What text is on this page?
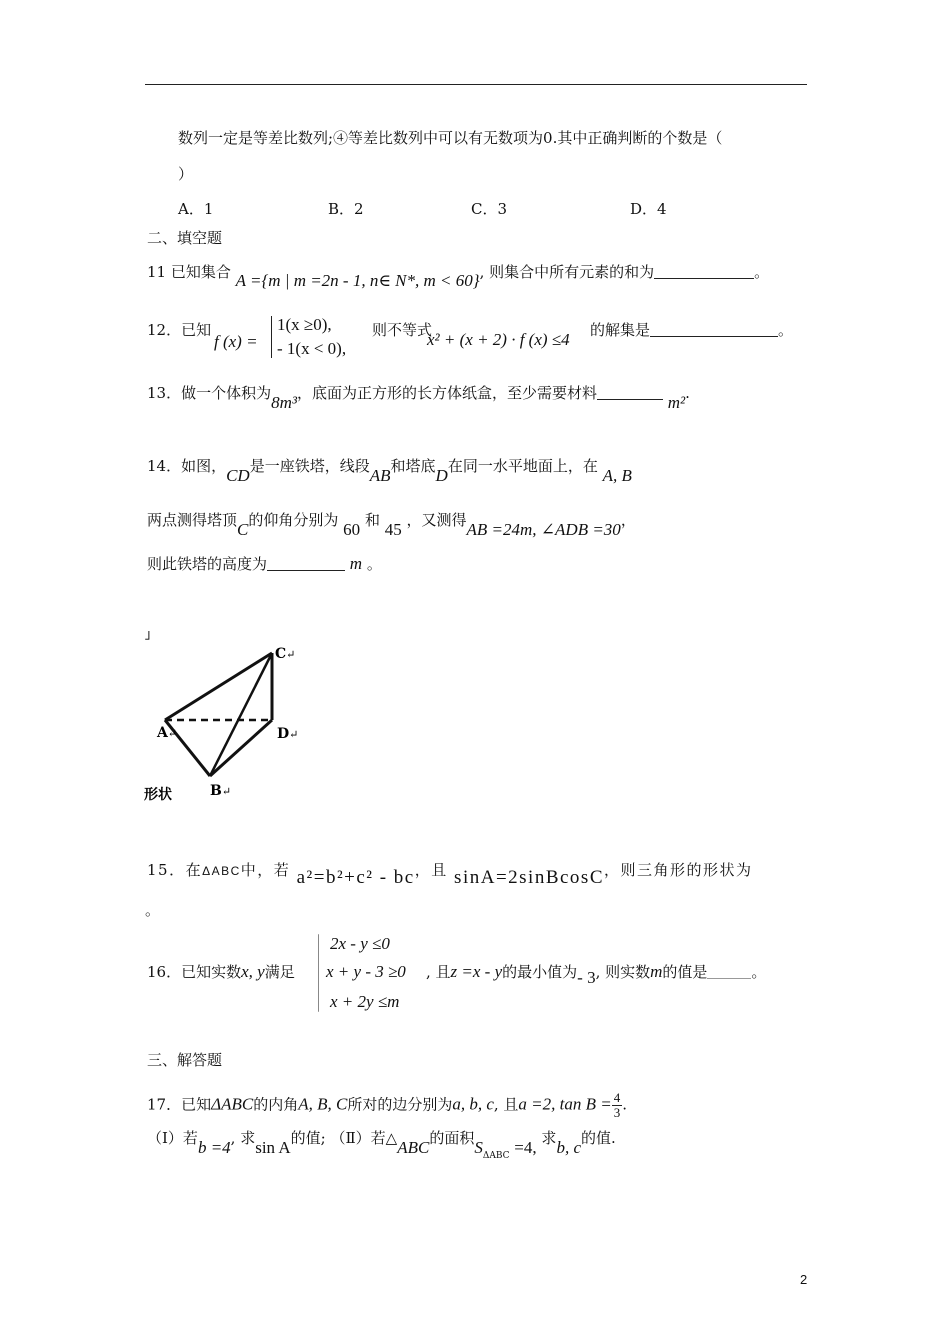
数列一定是等差比数列;④等差比数列中可以有无数项为0.其中正确判断的个数是（
）
A．1	B．2	C．3	D．4
二、填空题
11 已知集合 A ={m | m =2n - 1, n∈ N*, m < 60}, 则集合中所有元素的和为	。
12．已知
f (x) =
1(x ≥0),
- 1(x < 0),
则不等式
x² + (x + 2) · f (x) ≤4 的解集是	。
13．做一个体积为8m³，底面为正方形的长方体纸盒，至少需要材料	m².
14．如图，CD是一座铁塔，线段AB和塔底D在同一水平地面上，在 A, B
两点测得塔顶C的仰角分别为 60 和 45 ，又测得AB =24m, ∠ADB =30，
则此铁塔的高度为	m 。
」
C↵
A↵	D↵
B↵
形状
15．在ΔABC中，若 a²=b²+c² - bc，且 sinA=2sinBcosC，则三角形的形状为
。
16．已知实数x, y满足
2x - y ≤0
x + y - 3 ≥0
x + 2y ≤m
, 且z =x - y的最小值为- 3, 则实数m的值是	。
三、解答题
17．已知ΔABC的内角A, B, C所对的边分别为a, b, c, 且a =2, $\tan B = \frac{4}{3}$ .
（Ⅰ）若b =4, 求sin A的值; （Ⅱ）若△ABC的面积$S_{\Delta ABC} =4$, 求b, c的值.
2
